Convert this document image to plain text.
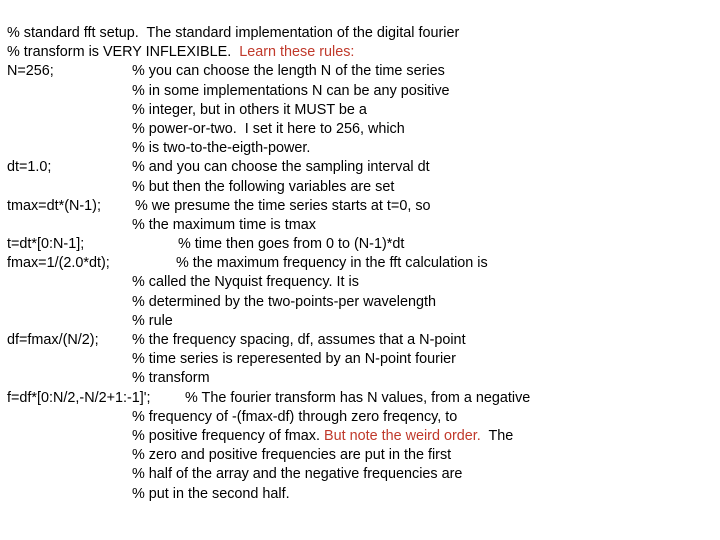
% standard fft setup.  The standard implementation of the digital fourier
% transform is VERY INFLEXIBLE.  Learn these rules:
N=256;	% you can choose the length N of the time series
% in some implementations N can be any positive
% integer, but in others it MUST be a
% power-or-two.  I set it here to 256, which
% is two-to-the-eigth-power.
dt=1.0;	% and you can choose the sampling interval dt
% but then the following variables are set
tmax=dt*(N-1); % we presume the time series starts at t=0, so
% the maximum time is tmax
t=dt*[0:N-1];	% time then goes from 0 to (N-1)*dt
fmax=1/(2.0*dt);	% the maximum frequency in the fft calculation is
% called the Nyquist frequency. It is
% determined by the two-points-per wavelength
% rule
df=fmax/(N/2); % the frequency spacing, df, assumes that a N-point
% time series is reperesented by an N-point fourier
% transform
f=df*[0:N/2,-N/2+1:-1]'; % The fourier transform has N values, from a negative
% frequency of -(fmax-df) through zero freqency, to
% positive frequency of fmax. But note the weird order.  The
% zero and positive frequencies are put in the first
% half of the array and the negative frequencies are
% put in the second half.
